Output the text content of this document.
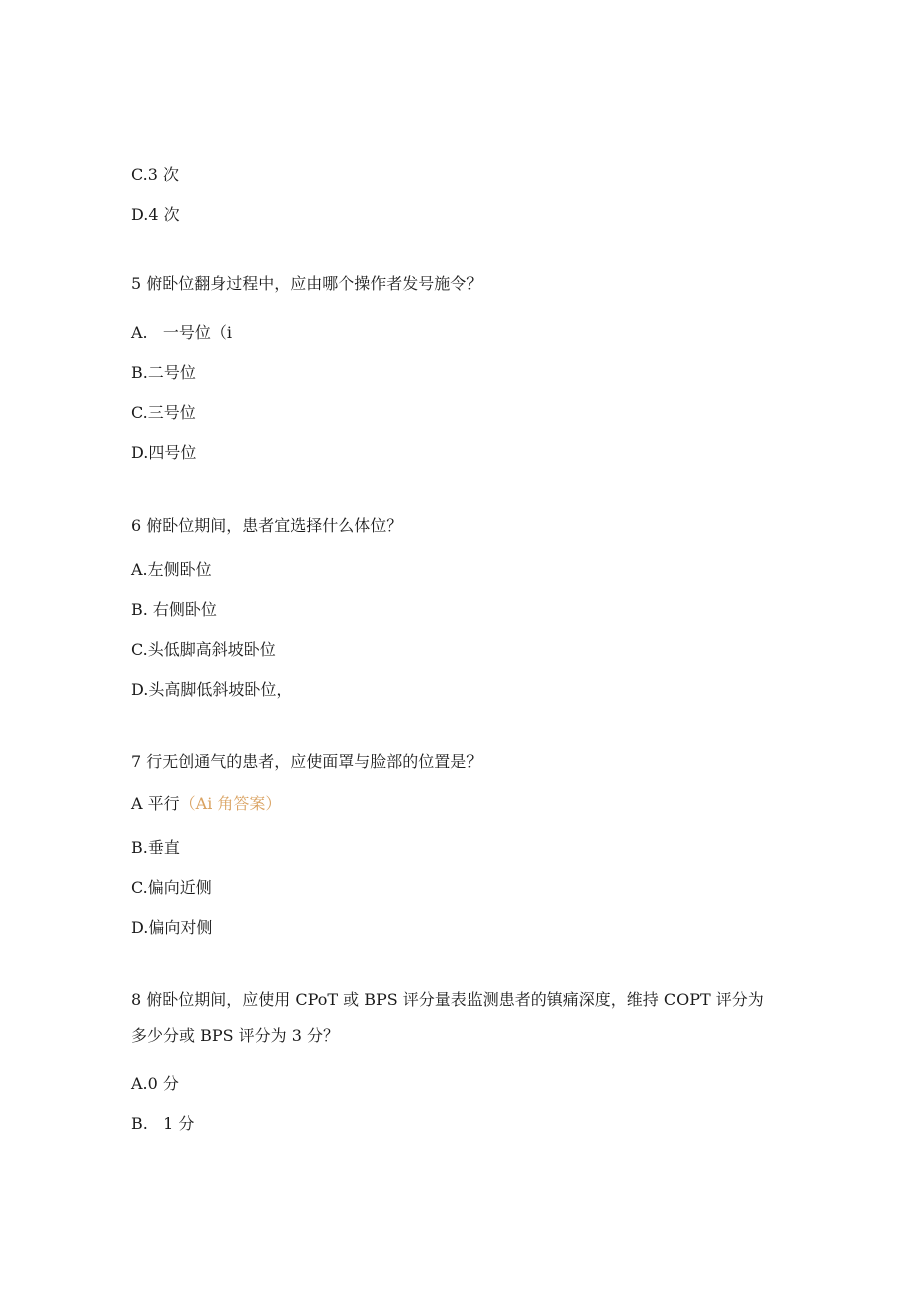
C.3 次
D.4 次
5 俯卧位翻身过程中，应由哪个操作者发号施令？
A.   一号位（i
B.二号位
C.三号位
D.四号位
6 俯卧位期间，患者宜选择什么体位？
A.左侧卧位
B. 右侧卧位
C.头低脚高斜坡卧位
D.头高脚低斜坡卧位，
7 行无创通气的患者，应使面罩与脸部的位置是？
A 平行（Ai 角答案）
B.垂直
C.偏向近侧
D.偏向对侧
8 俯卧位期间，应使用 CPoT 或 BPS 评分量表监测患者的镇痛深度，维持 COPT 评分为
多少分或 BPS 评分为 3 分？
A.0 分
B.   1 分
